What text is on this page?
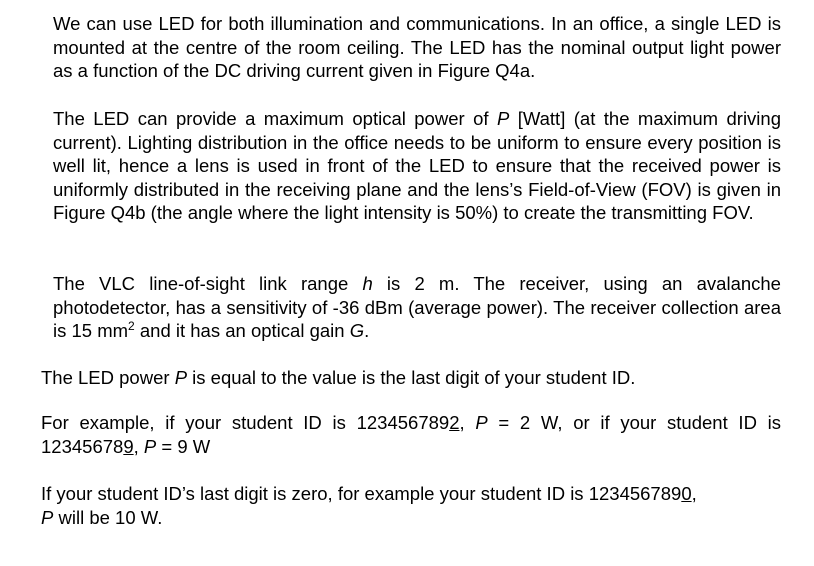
We can use LED for both illumination and communications. In an office, a single LED is mounted at the centre of the room ceiling. The LED has the nominal output light power as a function of the DC driving current given in Figure Q4a.

The LED can provide a maximum optical power of P [Watt] (at the maximum driving current). Lighting distribution in the office needs to be uniform to ensure every position is well lit, hence a lens is used in front of the LED to ensure that the received power is uniformly distributed in the receiving plane and the lens’s Field-of-View (FOV) is given in Figure Q4b (the angle where the light intensity is 50%) to create the transmitting FOV.

The VLC line-of-sight link range h is 2 m. The receiver, using an avalanche photodetector, has a sensitivity of -36 dBm (average power). The receiver collection area is 15 $mm^2$ and it has an optical gain G.

The LED power P is equal to the value is the last digit of your student ID.

For example, if your student ID is 1234567892, P = 2 W, or if your student ID is 123456789, P = 9 W

If your student ID’s last digit is zero, for example your student ID is 1234567890,
P will be 10 W.
